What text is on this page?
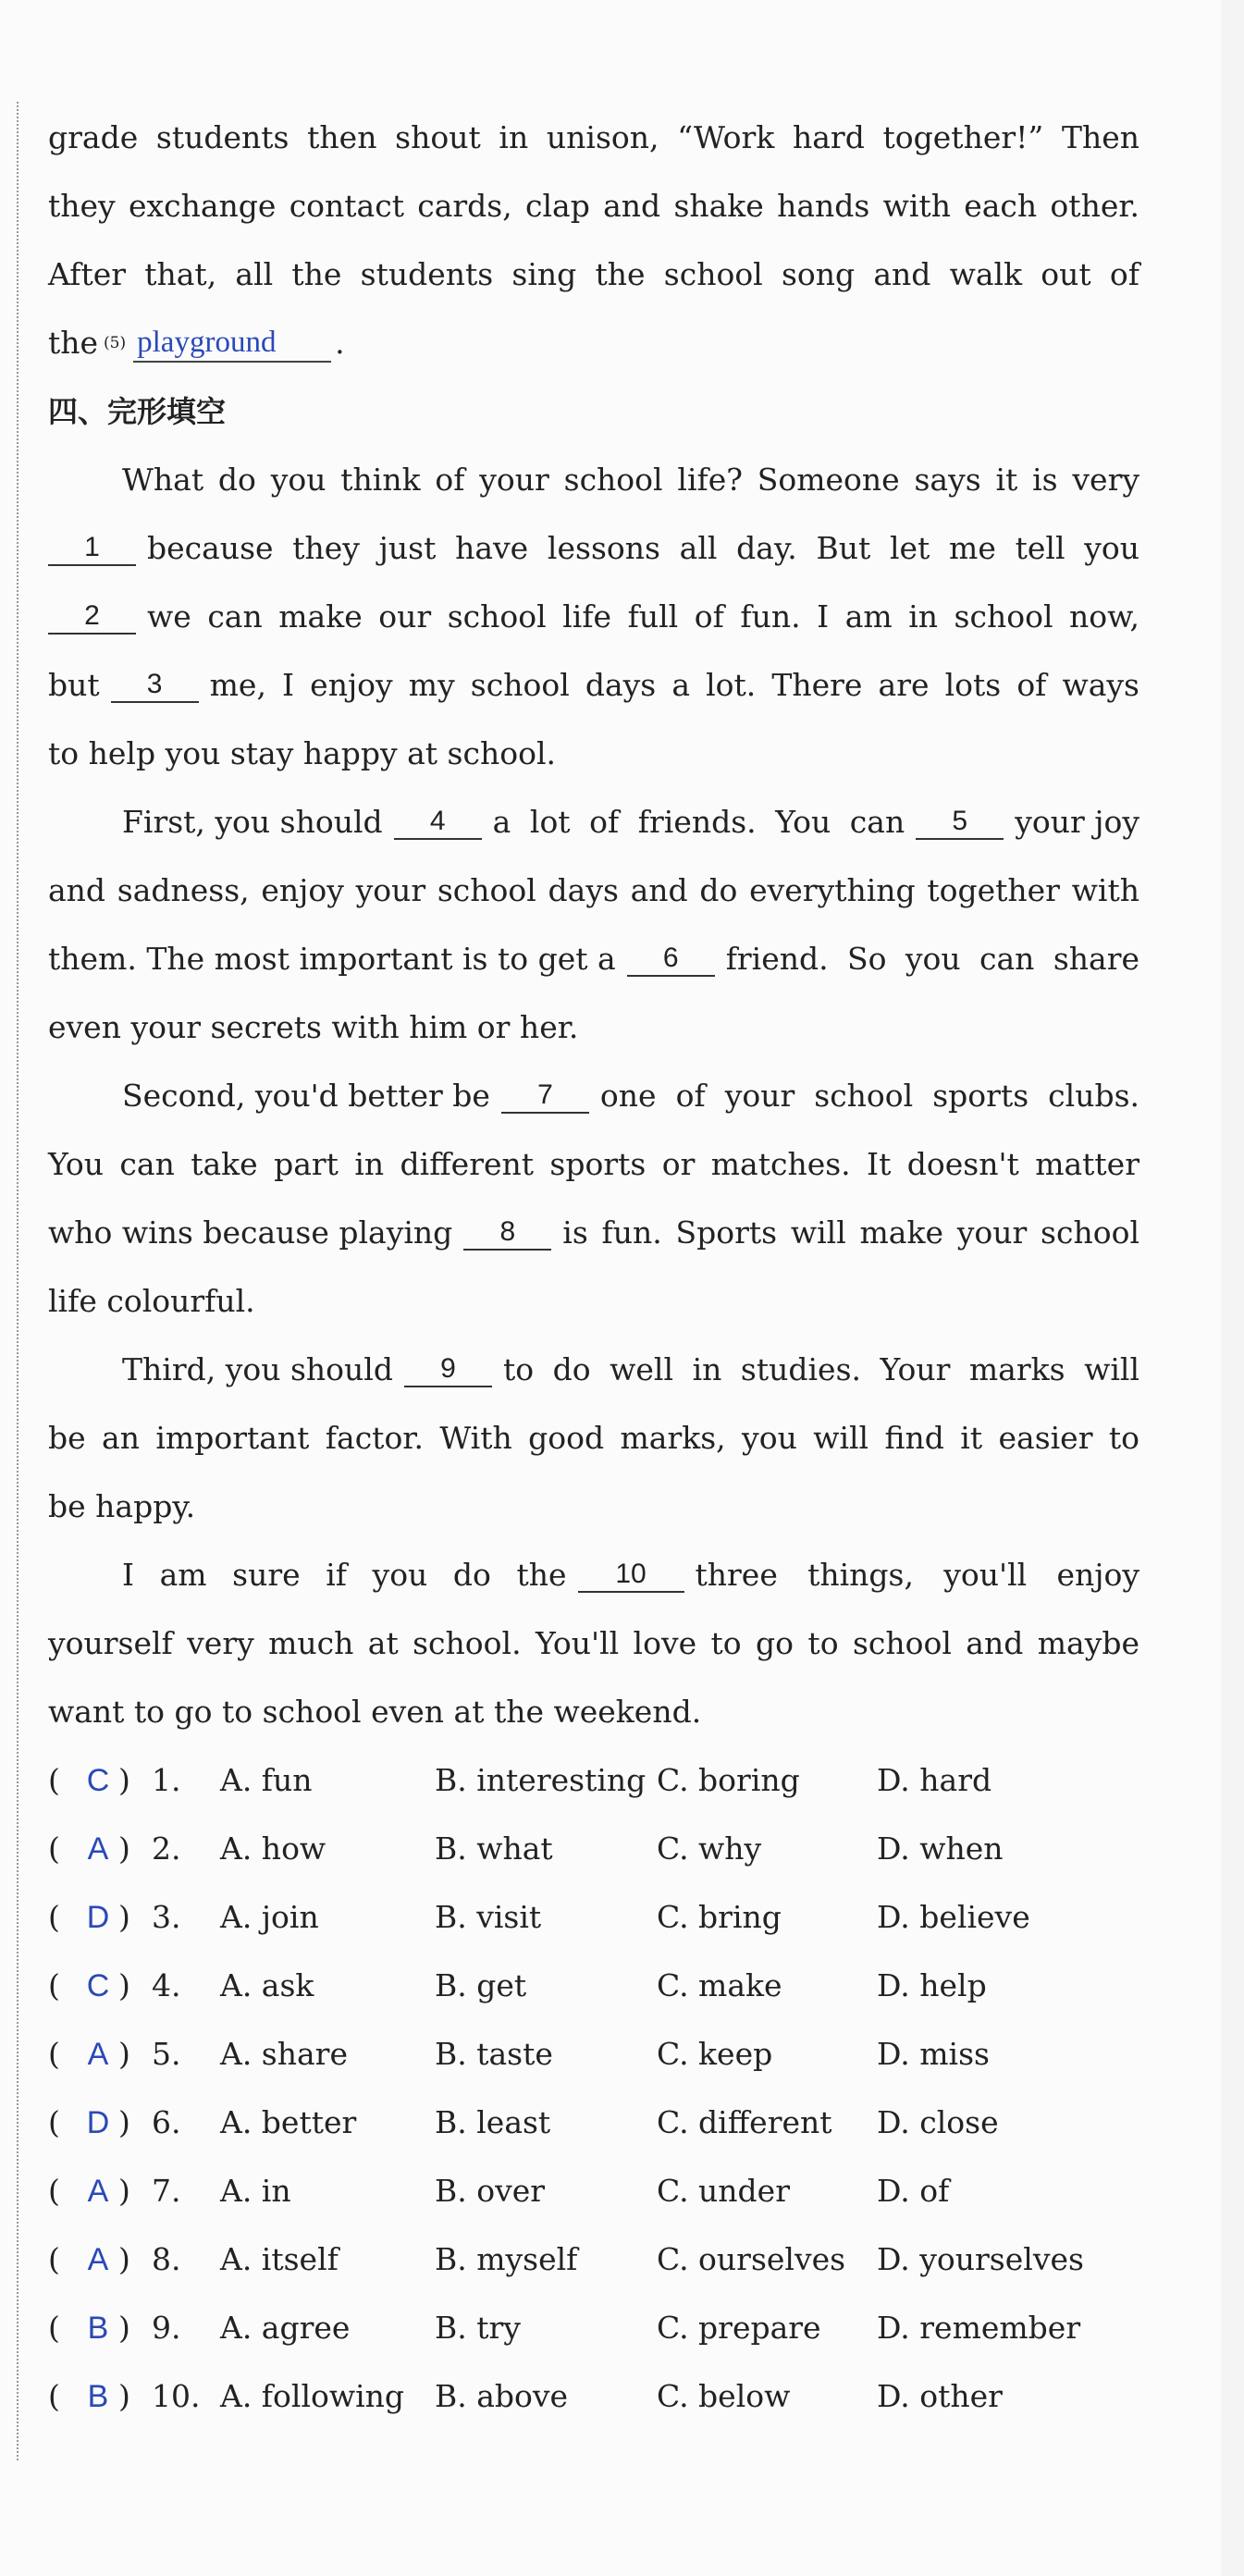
grade students then shout in unison, “Work hard together!” Then
they exchange contact cards, clap and shake hands with each other.
After that, all the students sing the school song and walk out of
the (5) playground	.
四、完形填空
What do you think of your school life? Someone says it is very
1	because they just have lessons all day. But let me tell you
2	we can make our school life full of fun. I am in school now,
but	3	me, I enjoy my school days a lot. There are lots of ways
to help you stay happy at school.
First, you should	4	a lot of friends. You can	5	your joy
and sadness, enjoy your school days and do everything together with
them. The most important is to get a	6	friend. So you can share
even your secrets with him or her.
Second, you'd better be	7	one of your school sports clubs.
You can take part in different sports or matches. It doesn't matter
who wins because playing	8	is fun. Sports will make your school
life colourful.
Third, you should	9	to do well in studies. Your marks will
be an important factor. With good marks, you will find it easier to
be happy.
I am sure if you do the	10	three things, you'll enjoy
yourself very much at school. You'll love to go to school and maybe
want to go to school even at the weekend.
( C ) 1.	A. fun	B. interesting C. boring	D. hard
( A ) 2.	A. how	B. what	C. why	D. when
( D ) 3.	A. join	B. visit	C. bring	D. believe
( C ) 4.	A. ask	B. get	C. make	D. help
( A ) 5.	A. share	B. taste	C. keep	D. miss
( D ) 6.	A. better	B. least	C. different	D. close
( A ) 7.	A. in	B. over	C. under	D. of
( A ) 8.	A. itself	B. myself	C. ourselves	D. yourselves
( B ) 9.	A. agree	B. try	C. prepare	D. remember
( B ) 10. A. following B. above	C. below	D. other
